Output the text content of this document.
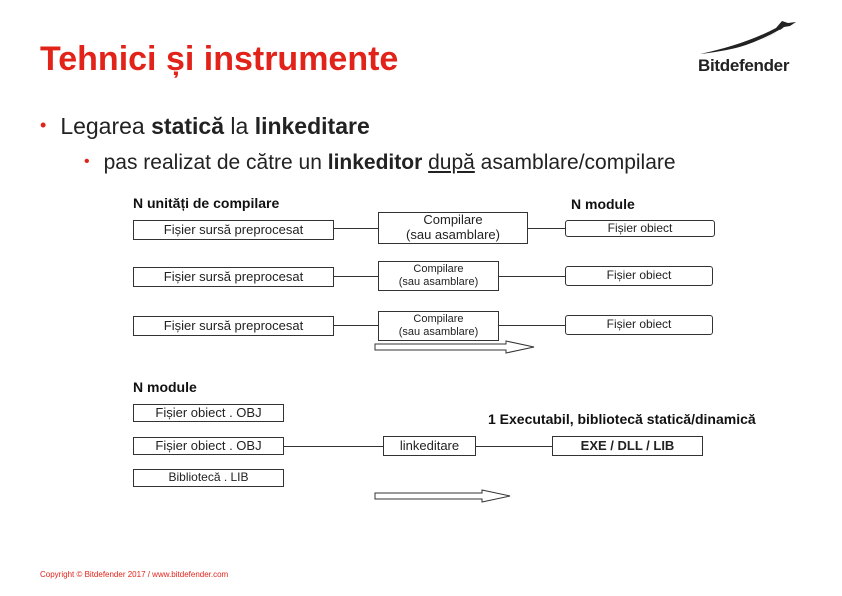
Tehnici și instrumente	Bitdefender
• Legarea statică la linkeditare
• pas realizat de către un linkeditor după asamblare/compilare
N unități de compilare	N module
Fișier sursă preprocesat
Fișier sursă preprocesat
Fișier sursă preprocesat
Compilare
(sau asamblare)
Compilare
(sau asamblare)
Compilare
(sau asamblare)
Fișier obiect
Fișier obiect
Fișier obiect
N module
1 Executabil, bibliotecă statică/dinamică
Fișier obiect . OBJ
Fișier obiect . OBJ
Bibliotecă . LIB
linkeditare	EXE / DLL / LIB
Copyright © Bitdefender 2017 / www.bitdefender.com
